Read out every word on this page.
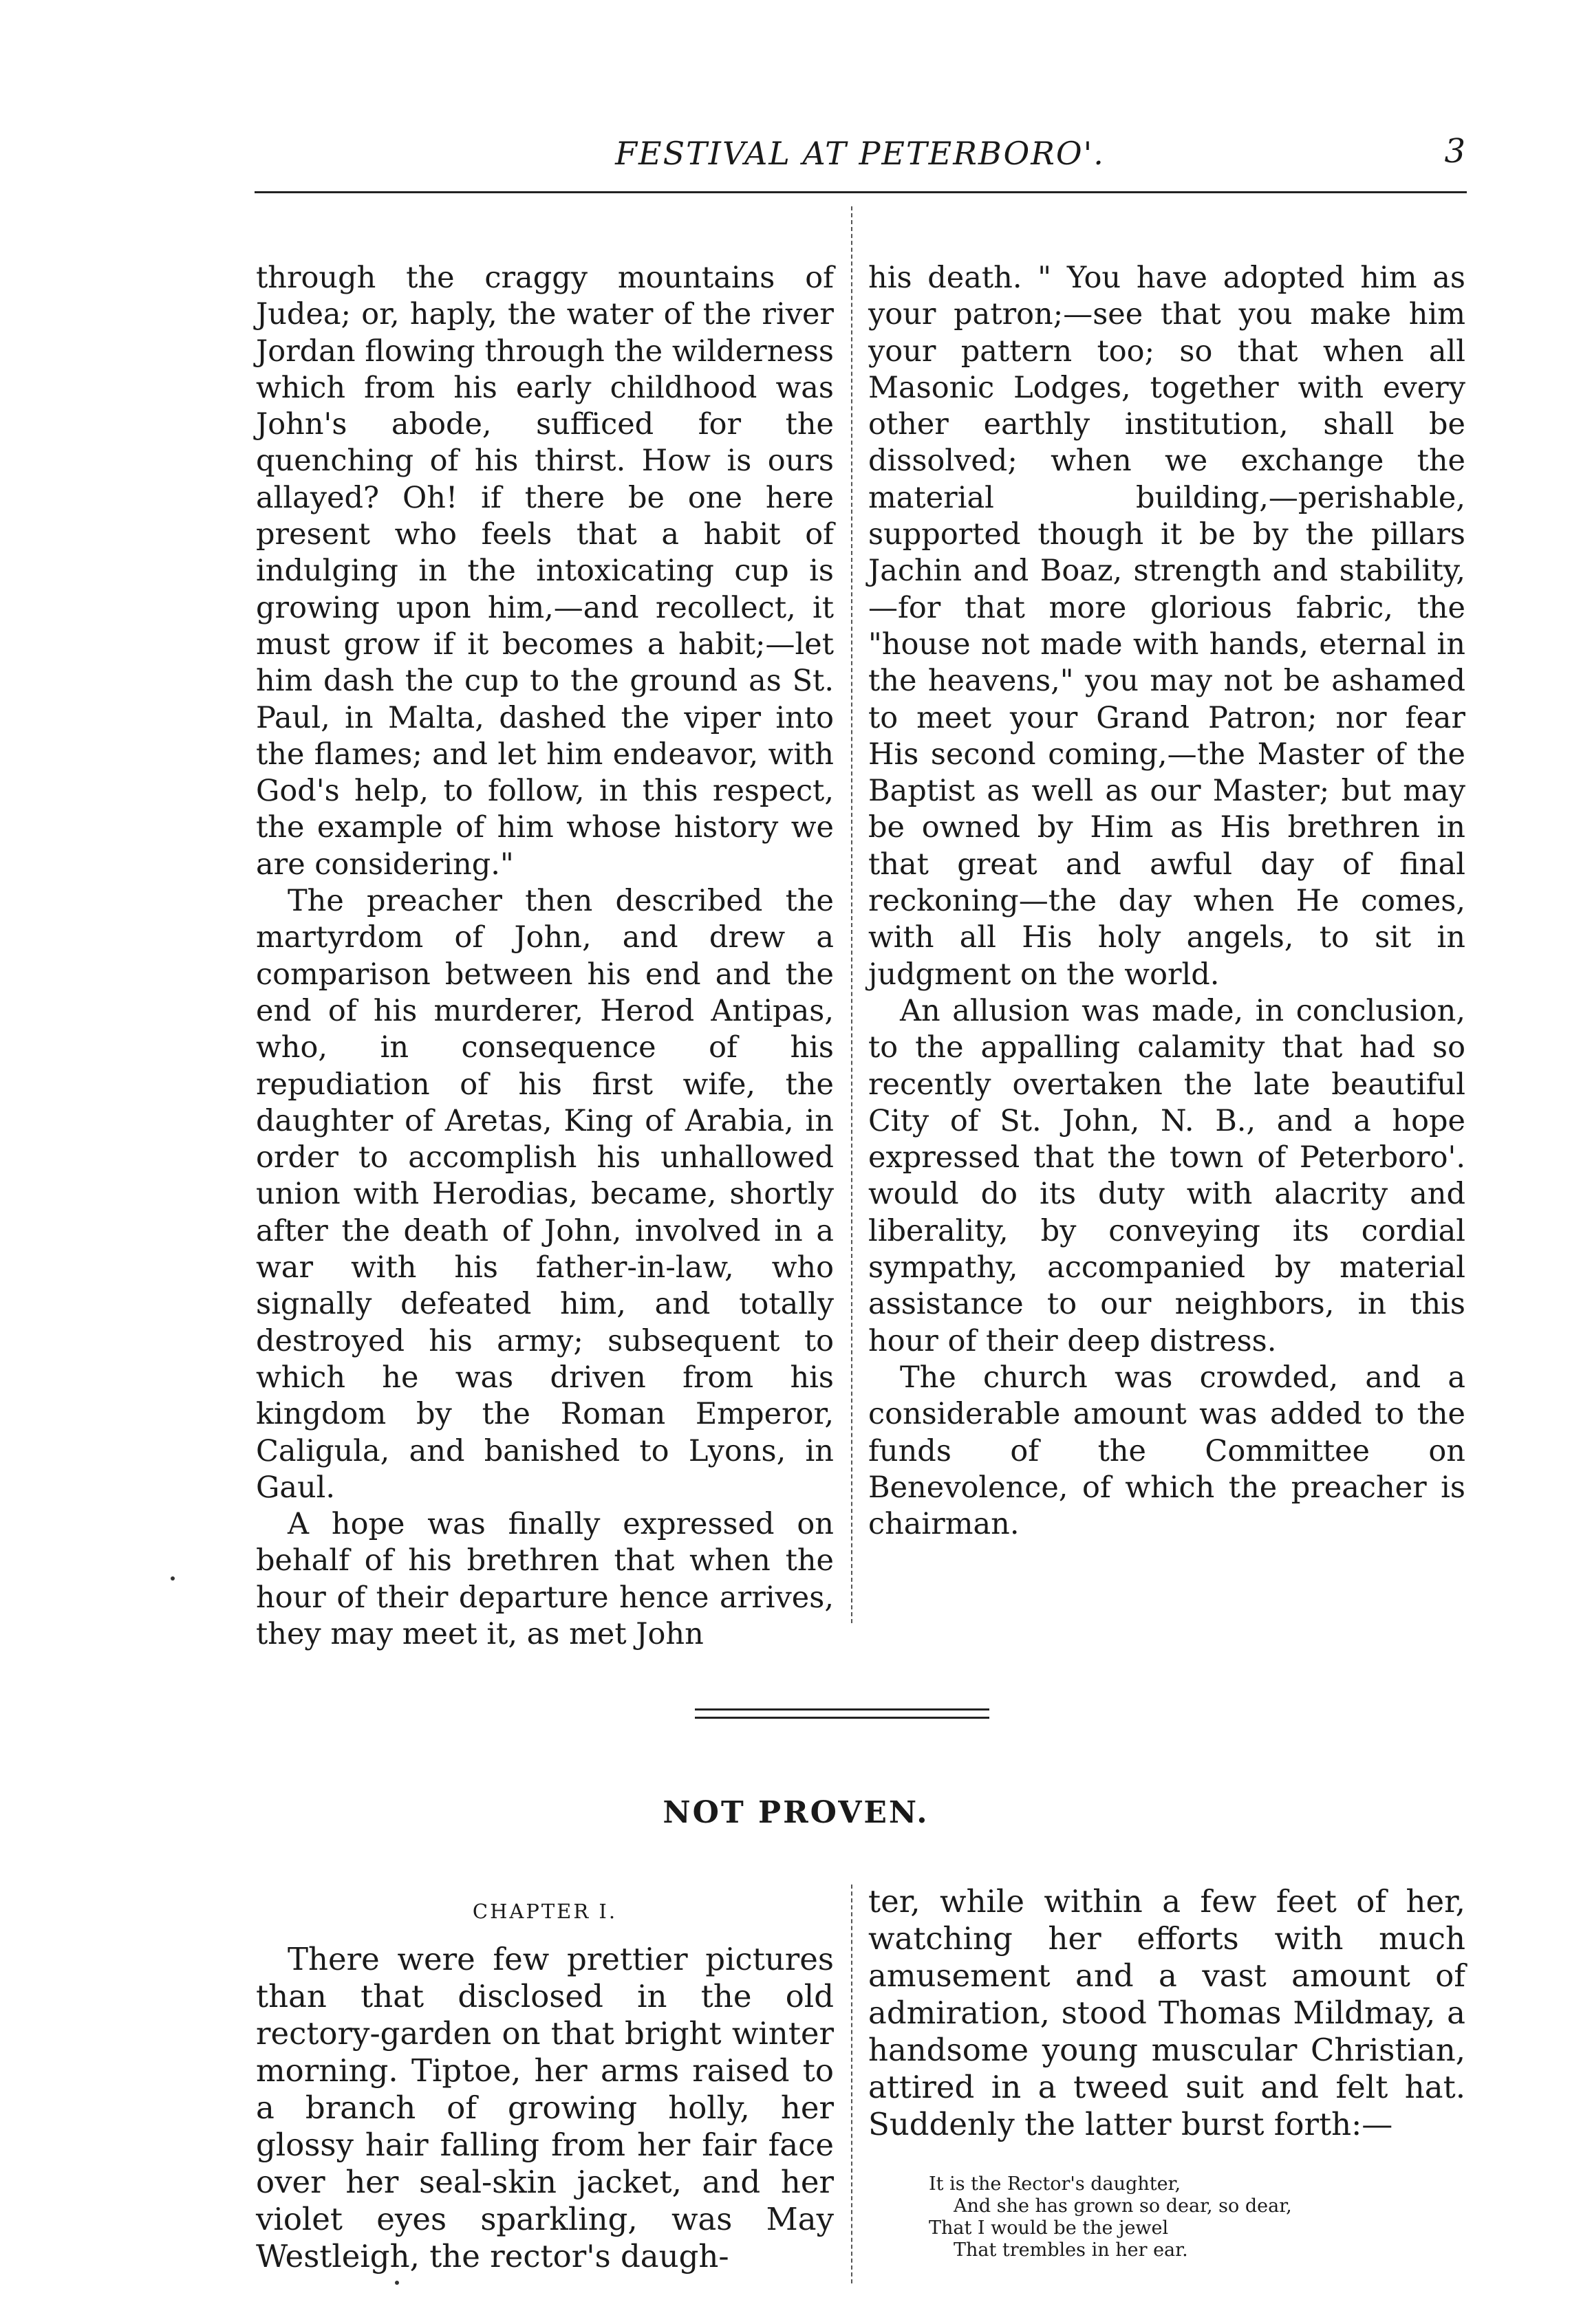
FESTIVAL AT PETERBORO'.	3

through the craggy mountains of Judea; or, haply, the water of the river Jordan flowing through the wilderness which from his early childhood was John's abode, sufficed for the quenching of his thirst. How is ours allayed? Oh! if there be one here present who feels that a habit of indulging in the intoxicating cup is growing upon him,—and recollect, it must grow if it becomes a habit;—let him dash the cup to the ground as St. Paul, in Malta, dashed the viper into the flames; and let him endeavor, with God's help, to follow, in this respect, the example of him whose history we are considering."

The preacher then described the martyrdom of John, and drew a comparison between his end and the end of his murderer, Herod Antipas, who, in consequence of his repudiation of his first wife, the daughter of Aretas, King of Arabia, in order to accomplish his unhallowed union with Herodias, became, shortly after the death of John, involved in a war with his father-in-law, who signally defeated him, and totally destroyed his army; subsequent to which he was driven from his kingdom by the Roman Emperor, Caligula, and banished to Lyons, in Gaul.

A hope was finally expressed on behalf of his brethren that when the hour of their departure hence arrives, they may meet it, as met John

his death. " You have adopted him as your patron;—see that you make him your pattern too; so that when all Masonic Lodges, together with every other earthly institution, shall be dissolved; when we exchange the material building,—perishable, supported though it be by the pillars Jachin and Boaz, strength and stability,—for that more glorious fabric, the "house not made with hands, eternal in the heavens," you may not be ashamed to meet your Grand Patron; nor fear His second coming,—the Master of the Baptist as well as our Master; but may be owned by Him as His brethren in that great and awful day of final reckoning—the day when He comes, with all His holy angels, to sit in judgment on the world.

An allusion was made, in conclusion, to the appalling calamity that had so recently overtaken the late beautiful City of St. John, N. B., and a hope expressed that the town of Peterboro'. would do its duty with alacrity and liberality, by conveying its cordial sympathy, accompanied by material assistance to our neighbors, in this hour of their deep distress.

The church was crowded, and a considerable amount was added to the funds of the Committee on Benevolence, of which the preacher is chairman.

NOT PROVEN.
CHAPTER I.

There were few prettier pictures than that disclosed in the old rectory-garden on that bright winter morning. Tiptoe, her arms raised to a branch of growing holly, her glossy hair falling from her fair face over her seal-skin jacket, and her violet eyes sparkling, was May Westleigh, the rector's daugh-

ter, while within a few feet of her, watching her efforts with much amusement and a vast amount of admiration, stood Thomas Mildmay, a handsome young muscular Christian, attired in a tweed suit and felt hat. Suddenly the latter burst forth:—

It is the Rector's daughter,
And she has grown so dear, so dear,
That I would be the jewel
That trembles in her ear.
